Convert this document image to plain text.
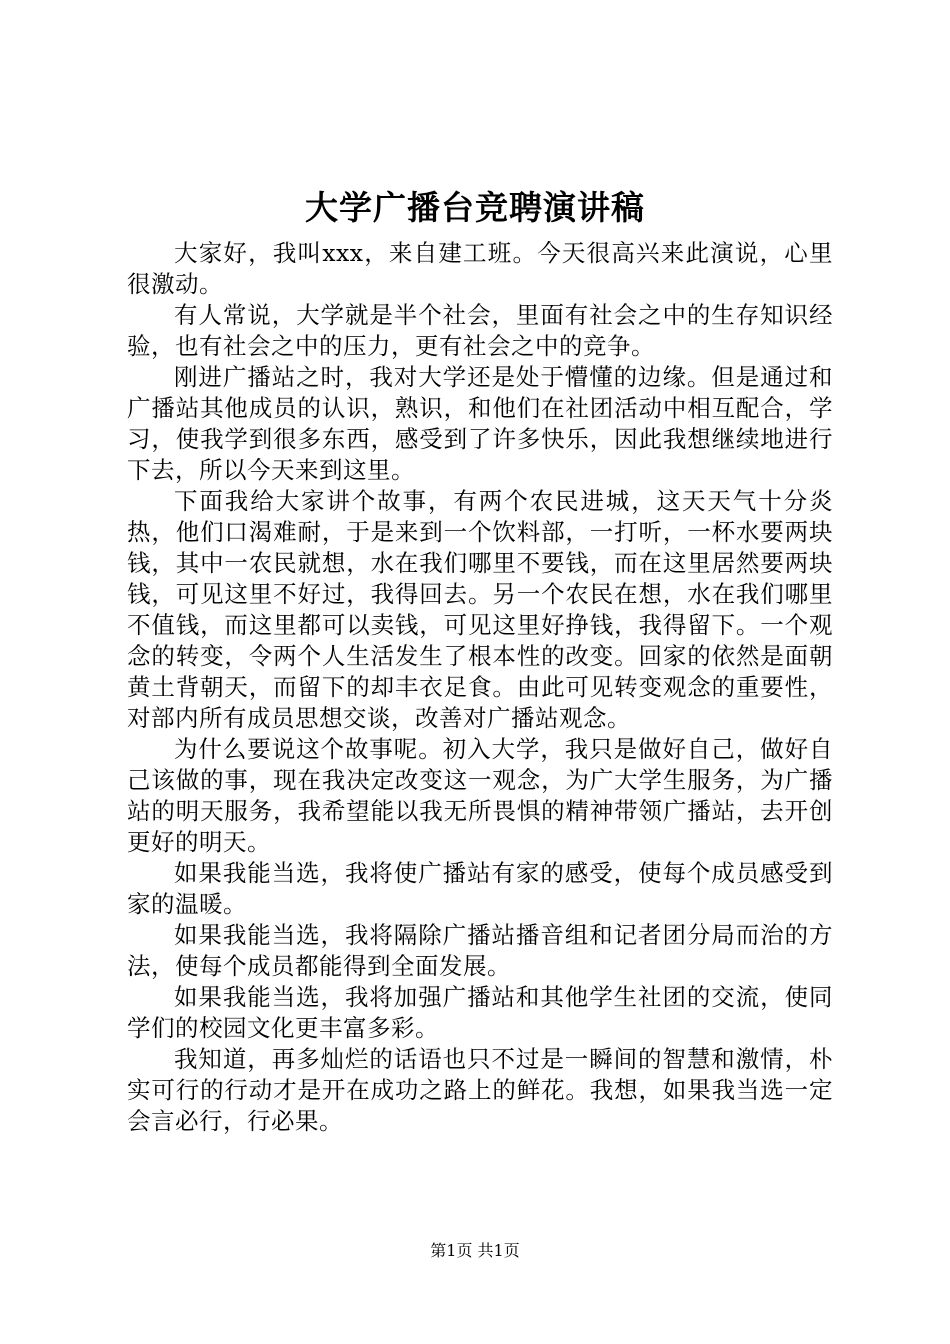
大学广播台竞聘演讲稿

大家好，我叫xxx，来自建工班。今天很高兴来此演说，心里很激动。

有人常说，大学就是半个社会，里面有社会之中的生存知识经验，也有社会之中的压力，更有社会之中的竞争。

刚进广播站之时，我对大学还是处于懵懂的边缘。但是通过和广播站其他成员的认识，熟识，和他们在社团活动中相互配合，学习，使我学到很多东西，感受到了许多快乐，因此我想继续地进行下去，所以今天来到这里。

下面我给大家讲个故事，有两个农民进城，这天天气十分炎热，他们口渴难耐，于是来到一个饮料部，一打听，一杯水要两块钱，其中一农民就想，水在我们哪里不要钱，而在这里居然要两块钱，可见这里不好过，我得回去。另一个农民在想，水在我们哪里不值钱，而这里都可以卖钱，可见这里好挣钱，我得留下。一个观念的转变，令两个人生活发生了根本性的改变。回家的依然是面朝黄土背朝天，而留下的却丰衣足食。由此可见转变观念的重要性，对部内所有成员思想交谈，改善对广播站观念。

为什么要说这个故事呢。初入大学，我只是做好自己，做好自己该做的事，现在我决定改变这一观念，为广大学生服务，为广播站的明天服务，我希望能以我无所畏惧的精神带领广播站，去开创更好的明天。

如果我能当选，我将使广播站有家的感受，使每个成员感受到家的温暖。

如果我能当选，我将隔除广播站播音组和记者团分局而治的方法，使每个成员都能得到全面发展。

如果我能当选，我将加强广播站和其他学生社团的交流，使同学们的校园文化更丰富多彩。

我知道，再多灿烂的话语也只不过是一瞬间的智慧和激情，朴实可行的行动才是开在成功之路上的鲜花。我想，如果我当选一定会言必行，行必果。

第1页 共1页
